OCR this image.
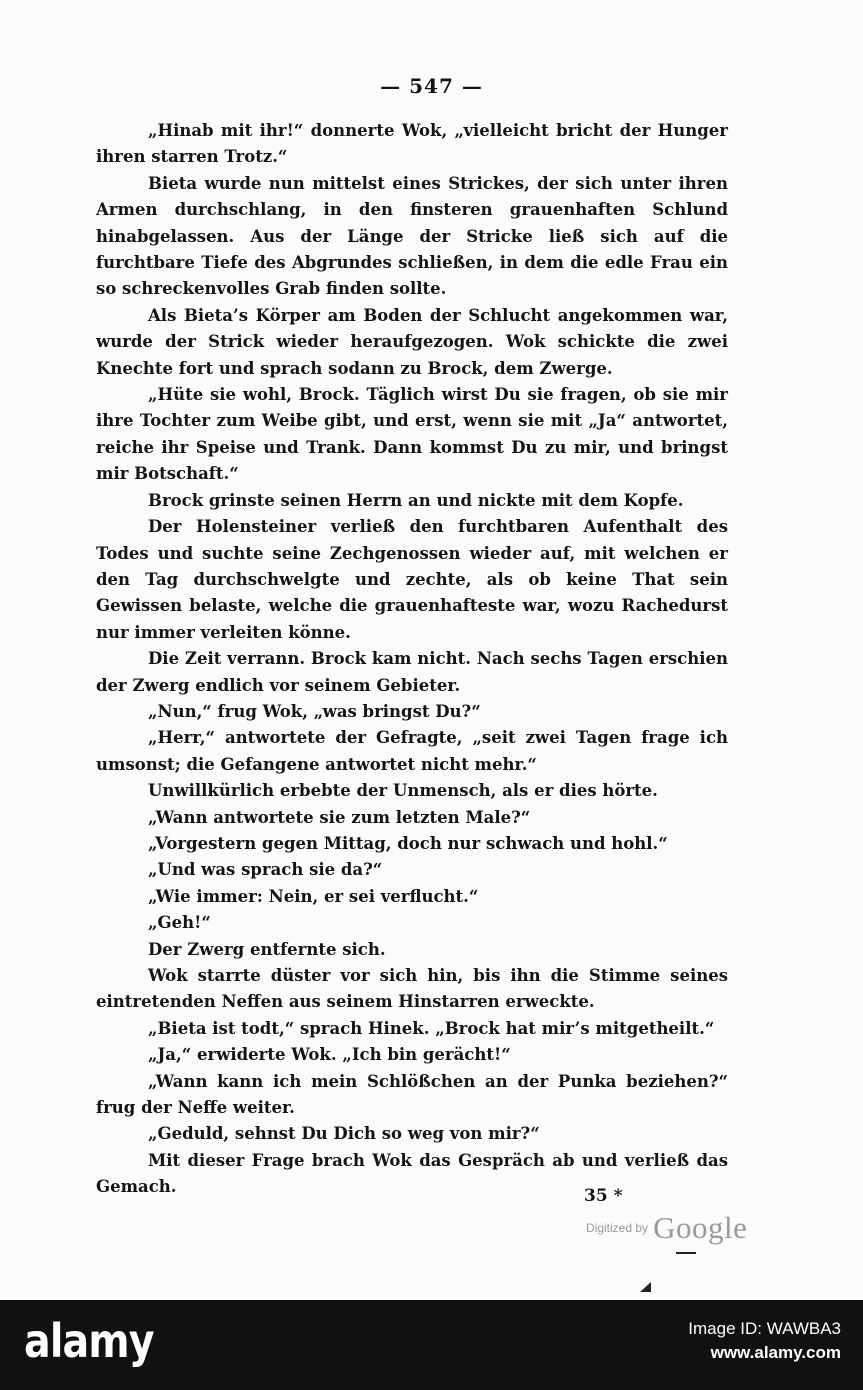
— 547 —

„Hinab mit ihr!“ donnerte Wok, „vielleicht bricht der Hunger ihren starren Trotz.“

Bieta wurde nun mittelst eines Strickes, der sich unter ihren Armen durchschlang, in den finsteren grauenhaften Schlund hinabgelassen. Aus der Länge der Stricke ließ sich auf die furchtbare Tiefe des Abgrundes schließen, in dem die edle Frau ein so schreckenvolles Grab finden sollte.

Als Bieta’s Körper am Boden der Schlucht angekommen war, wurde der Strick wieder heraufgezogen. Wok schickte die zwei Knechte fort und sprach sodann zu Brock, dem Zwerge.

„Hüte sie wohl, Brock. Täglich wirst Du sie fragen, ob sie mir ihre Tochter zum Weibe gibt, und erst, wenn sie mit „Ja“ antwortet, reiche ihr Speise und Trank. Dann kommst Du zu mir, und bringst mir Botschaft.“

Brock grinste seinen Herrn an und nickte mit dem Kopfe.

Der Holensteiner verließ den furchtbaren Aufenthalt des Todes und suchte seine Zechgenossen wieder auf, mit welchen er den Tag durchschwelgte und zechte, als ob keine That sein Gewissen belaste, welche die grauenhafteste war, wozu Rachedurst nur immer verleiten könne.

Die Zeit verrann. Brock kam nicht. Nach sechs Tagen erschien der Zwerg endlich vor seinem Gebieter.

„Nun,“ frug Wok, „was bringst Du?“

„Herr,“ antwortete der Gefragte, „seit zwei Tagen frage ich umsonst; die Gefangene antwortet nicht mehr.“

Unwillkürlich erbebte der Unmensch, als er dies hörte.

„Wann antwortete sie zum letzten Male?“

„Vorgestern gegen Mittag, doch nur schwach und hohl.“

„Und was sprach sie da?“

„Wie immer: Nein, er sei verflucht.“

„Geh!“

Der Zwerg entfernte sich.

Wok starrte düster vor sich hin, bis ihn die Stimme seines eintretenden Neffen aus seinem Hinstarren erweckte.

„Bieta ist todt,“ sprach Hinek. „Brock hat mir’s mitgetheilt.“

„Ja,“ erwiderte Wok. „Ich bin gerächt!“

„Wann kann ich mein Schlößchen an der Punka beziehen?“ frug der Neffe weiter.

„Geduld, sehnst Du Dich so weg von mir?“

Mit dieser Frage brach Wok das Gespräch ab und verließ das Gemach.	35 *
Digitized by Google
alamy	Image ID: WAWBA3
www.alamy.com
